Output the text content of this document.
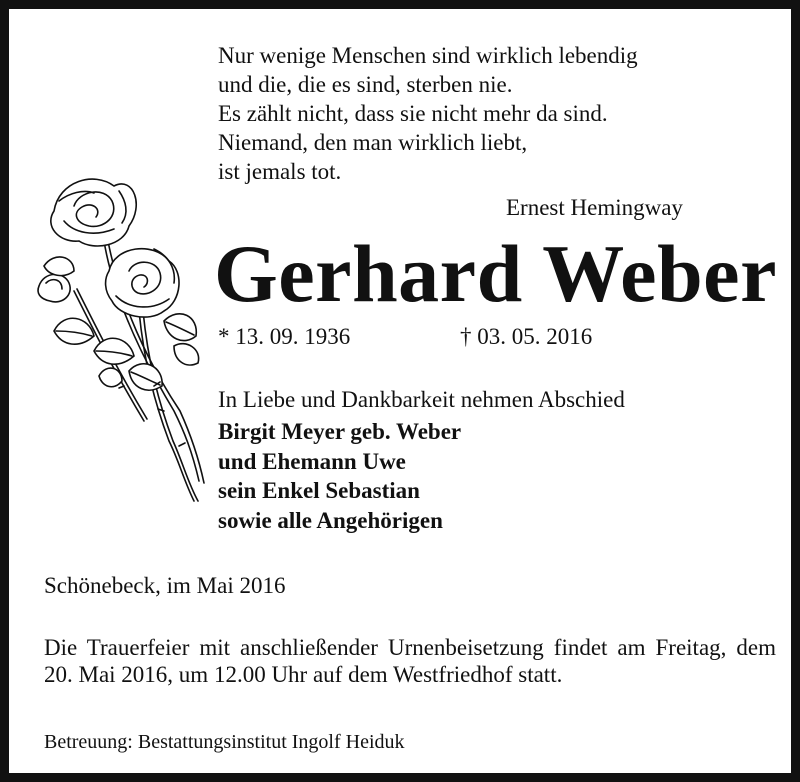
Nur wenige Menschen sind wirklich lebendig
und die, die es sind, sterben nie.
Es zählt nicht, dass sie nicht mehr da sind.
Niemand, den man wirklich liebt,
ist jemals tot.
Ernest Hemingway
Gerhard Weber
* 13. 09. 1936	† 03. 05. 2016
In Liebe und Dankbarkeit nehmen Abschied
Birgit Meyer geb. Weber
und Ehemann Uwe
sein Enkel Sebastian
sowie alle Angehörigen
Schönebeck, im Mai 2016
Die Trauerfeier mit anschließender Urnenbeisetzung findet am Freitag, dem 20. Mai 2016, um 12.00 Uhr auf dem Westfriedhof statt.
Betreuung: Bestattungsinstitut Ingolf Heiduk
